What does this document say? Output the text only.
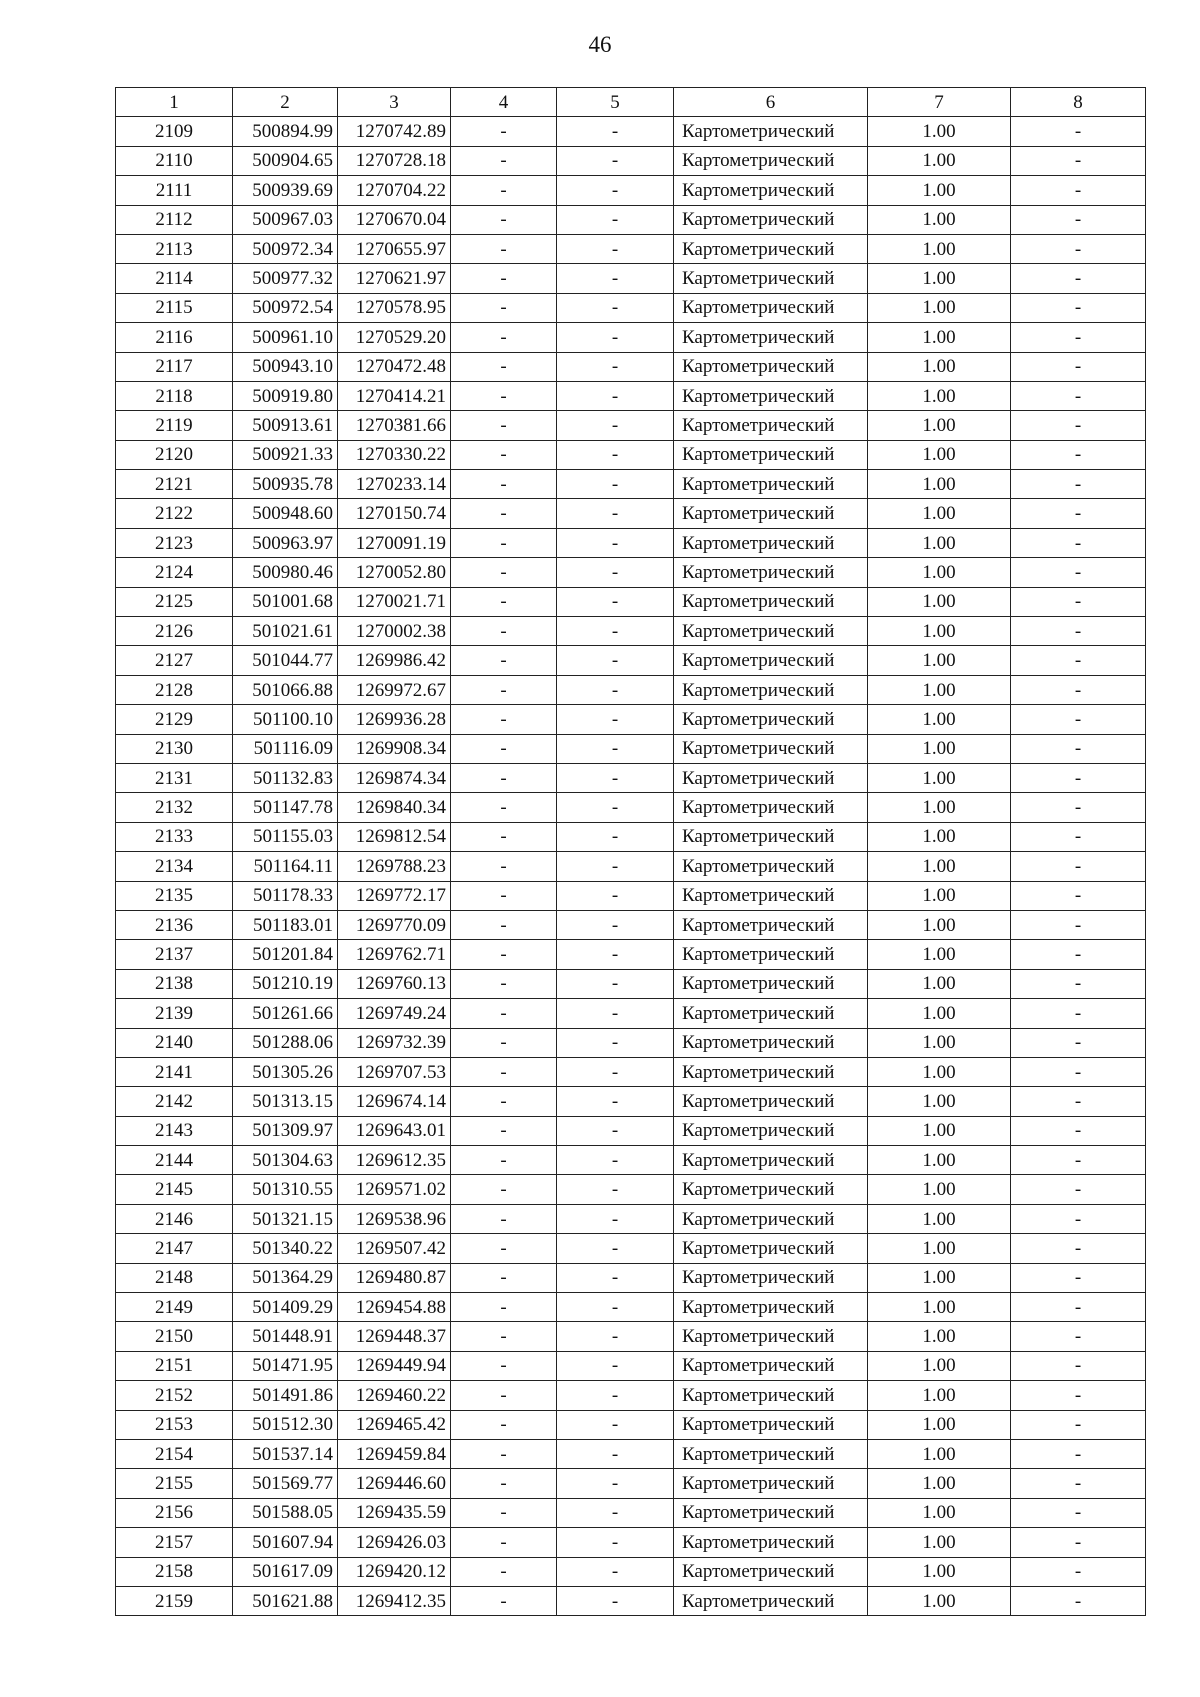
46
1	2	3	4	5	6	7	8
2109	500894.99	1270742.89	-	-	Картометрический	1.00	-
2110	500904.65	1270728.18	-	-	Картометрический	1.00	-
2111	500939.69	1270704.22	-	-	Картометрический	1.00	-
2112	500967.03	1270670.04	-	-	Картометрический	1.00	-
2113	500972.34	1270655.97	-	-	Картометрический	1.00	-
2114	500977.32	1270621.97	-	-	Картометрический	1.00	-
2115	500972.54	1270578.95	-	-	Картометрический	1.00	-
2116	500961.10	1270529.20	-	-	Картометрический	1.00	-
2117	500943.10	1270472.48	-	-	Картометрический	1.00	-
2118	500919.80	1270414.21	-	-	Картометрический	1.00	-
2119	500913.61	1270381.66	-	-	Картометрический	1.00	-
2120	500921.33	1270330.22	-	-	Картометрический	1.00	-
2121	500935.78	1270233.14	-	-	Картометрический	1.00	-
2122	500948.60	1270150.74	-	-	Картометрический	1.00	-
2123	500963.97	1270091.19	-	-	Картометрический	1.00	-
2124	500980.46	1270052.80	-	-	Картометрический	1.00	-
2125	501001.68	1270021.71	-	-	Картометрический	1.00	-
2126	501021.61	1270002.38	-	-	Картометрический	1.00	-
2127	501044.77	1269986.42	-	-	Картометрический	1.00	-
2128	501066.88	1269972.67	-	-	Картометрический	1.00	-
2129	501100.10	1269936.28	-	-	Картометрический	1.00	-
2130	501116.09	1269908.34	-	-	Картометрический	1.00	-
2131	501132.83	1269874.34	-	-	Картометрический	1.00	-
2132	501147.78	1269840.34	-	-	Картометрический	1.00	-
2133	501155.03	1269812.54	-	-	Картометрический	1.00	-
2134	501164.11	1269788.23	-	-	Картометрический	1.00	-
2135	501178.33	1269772.17	-	-	Картометрический	1.00	-
2136	501183.01	1269770.09	-	-	Картометрический	1.00	-
2137	501201.84	1269762.71	-	-	Картометрический	1.00	-
2138	501210.19	1269760.13	-	-	Картометрический	1.00	-
2139	501261.66	1269749.24	-	-	Картометрический	1.00	-
2140	501288.06	1269732.39	-	-	Картометрический	1.00	-
2141	501305.26	1269707.53	-	-	Картометрический	1.00	-
2142	501313.15	1269674.14	-	-	Картометрический	1.00	-
2143	501309.97	1269643.01	-	-	Картометрический	1.00	-
2144	501304.63	1269612.35	-	-	Картометрический	1.00	-
2145	501310.55	1269571.02	-	-	Картометрический	1.00	-
2146	501321.15	1269538.96	-	-	Картометрический	1.00	-
2147	501340.22	1269507.42	-	-	Картометрический	1.00	-
2148	501364.29	1269480.87	-	-	Картометрический	1.00	-
2149	501409.29	1269454.88	-	-	Картометрический	1.00	-
2150	501448.91	1269448.37	-	-	Картометрический	1.00	-
2151	501471.95	1269449.94	-	-	Картометрический	1.00	-
2152	501491.86	1269460.22	-	-	Картометрический	1.00	-
2153	501512.30	1269465.42	-	-	Картометрический	1.00	-
2154	501537.14	1269459.84	-	-	Картометрический	1.00	-
2155	501569.77	1269446.60	-	-	Картометрический	1.00	-
2156	501588.05	1269435.59	-	-	Картометрический	1.00	-
2157	501607.94	1269426.03	-	-	Картометрический	1.00	-
2158	501617.09	1269420.12	-	-	Картометрический	1.00	-
2159	501621.88	1269412.35	-	-	Картометрический	1.00	-
